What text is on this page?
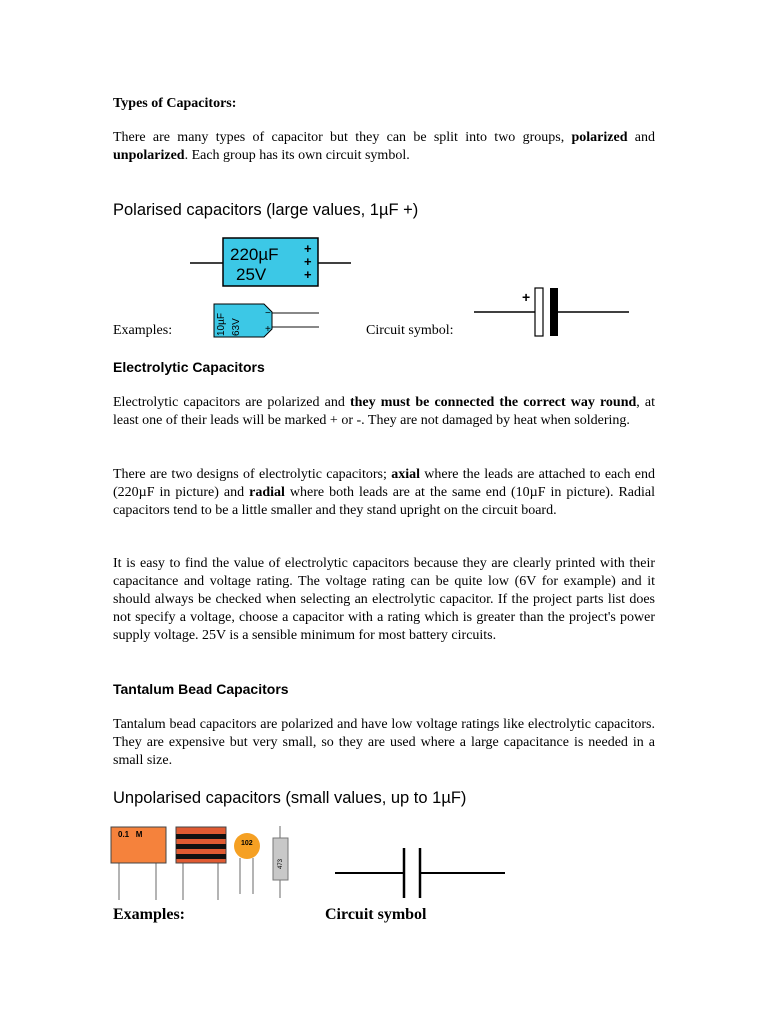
Types of Capacitors:

There are many types of capacitor but they can be split into two groups, polarized and unpolarized. Each group has its own circuit symbol.

Polarised capacitors (large values, 1µF +)
220µF
25V
+
+
+
10µF 63V
−
+
Examples:	Circuit symbol:
+
Electrolytic Capacitors

Electrolytic capacitors are polarized and they must be connected the correct way round, at least one of their leads will be marked + or -. They are not damaged by heat when soldering.

There are two designs of electrolytic capacitors; axial where the leads are attached to each end (220µF in picture) and radial where both leads are at the same end (10µF in picture). Radial capacitors tend to be a little smaller and they stand upright on the circuit board.

It is easy to find the value of electrolytic capacitors because they are clearly printed with their capacitance and voltage rating. The voltage rating can be quite low (6V for example) and it should always be checked when selecting an electrolytic capacitor. If the project parts list does not specify a voltage, choose a capacitor with a rating which is greater than the project's power supply voltage. 25V is a sensible minimum for most battery circuits.

Tantalum Bead Capacitors

Tantalum bead capacitors are polarized and have low voltage ratings like electrolytic capacitors. They are expensive but very small, so they are used where a large capacitance is needed in a small size.

Unpolarised capacitors (small values, up to 1µF)
0.1   M
102
473
Examples:	Circuit symbol
